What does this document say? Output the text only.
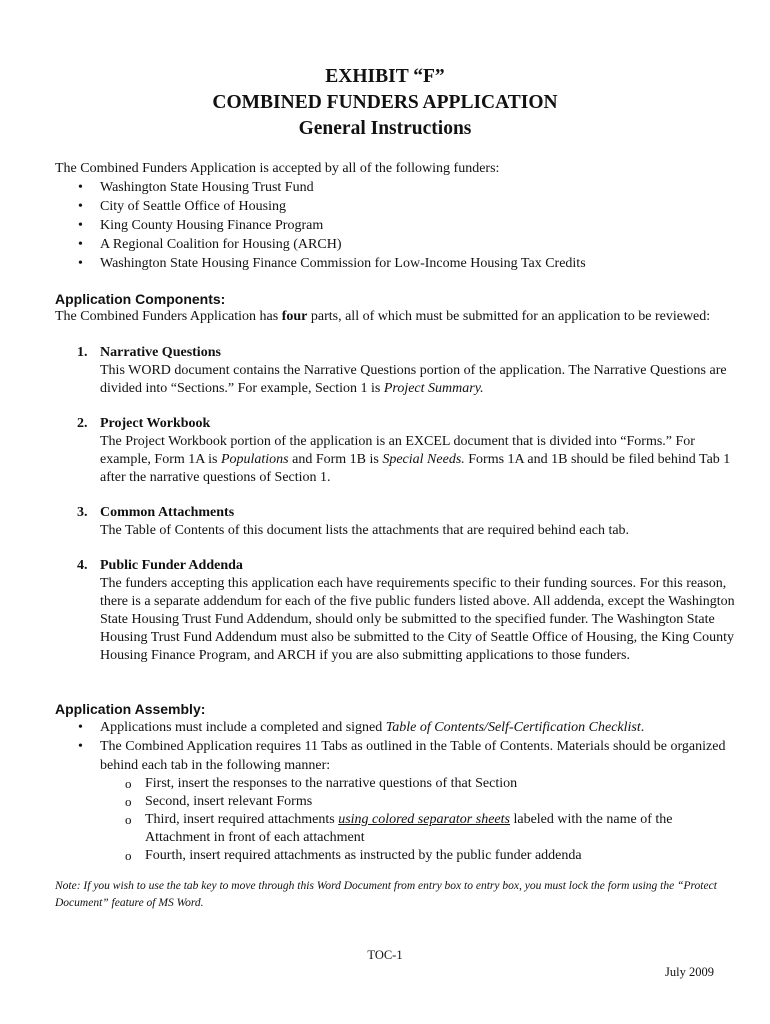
EXHIBIT “F”
COMBINED FUNDERS APPLICATION
General Instructions
The Combined Funders Application is accepted by all of the following funders:
• Washington State Housing Trust Fund
• City of Seattle Office of Housing
• King County Housing Finance Program
• A Regional Coalition for Housing (ARCH)
• Washington State Housing Finance Commission for Low-Income Housing Tax Credits
Application Components:
The Combined Funders Application has four parts, all of which must be submitted for an application to be reviewed:
1. Narrative Questions
This WORD document contains the Narrative Questions portion of the application. The Narrative Questions are divided into “Sections.” For example, Section 1 is Project Summary.
2. Project Workbook
The Project Workbook portion of the application is an EXCEL document that is divided into “Forms.” For example, Form 1A is Populations and Form 1B is Special Needs. Forms 1A and 1B should be filed behind Tab 1 after the narrative questions of Section 1.
3. Common Attachments
The Table of Contents of this document lists the attachments that are required behind each tab.
4. Public Funder Addenda
The funders accepting this application each have requirements specific to their funding sources. For this reason, there is a separate addendum for each of the five public funders listed above. All addenda, except the Washington State Housing Trust Fund Addendum, should only be submitted to the specified funder. The Washington State Housing Trust Fund Addendum must also be submitted to the City of Seattle Office of Housing, the King County Housing Finance Program, and ARCH if you are also submitting applications to those funders.
Application Assembly:
• Applications must include a completed and signed Table of Contents/Self-Certification Checklist.
• The Combined Application requires 11 Tabs as outlined in the Table of Contents. Materials should be organized behind each tab in the following manner:
o First, insert the responses to the narrative questions of that Section
o Second, insert relevant Forms
o Third, insert required attachments using colored separator sheets labeled with the name of the Attachment in front of each attachment
o Fourth, insert required attachments as instructed by the public funder addenda
Note: If you wish to use the tab key to move through this Word Document from entry box to entry box, you must lock the form using the “Protect Document” feature of MS Word.
TOC-1
July 2009
